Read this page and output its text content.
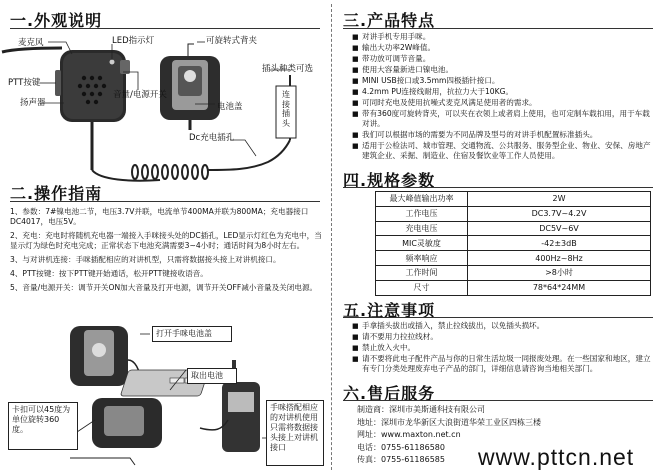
一.外观说明
麦克风	LED指示灯	可旋转式背夹
PTT按键
扬声器
音量/电源开关
电池盖
Dc充电插孔
插头种类可选
连接插头
二.操作指南

1、参数：7#镍电池二节，电压3.7V并联，电流单节400MA并联为800MA；充电器接口DC4017，电压5V。

2、充电：充电时将随机充电器一端接入手咪接头处的DC插孔，LED显示灯红色为充电中，当显示灯为绿色时充电完成；正常状态下电池充满需要3~4小时；通话时间为8小时左右。

3、与对讲机连接：手咪插配相应的对讲机型，只需将数据接头接上对讲机接口。

4、PTT按键：按下PTT键开始通话，松开PTT键接收语音。

5、音量/电源开关：调节开关ON加大音量及打开电源，调节开关OFF减小音量及关闭电源。

打开手咪电池盖
取出电池
卡扣可以45度为单位旋转360度。
手咪搭配相应的对讲机使用只需将数据接头接上对讲机接口
三.产品特点
■ 对讲手机专用手咪。
■ 输出大功率2W峰值。
■ 带功放可调节音量。
■ 使用大容量新进口镍电池。
■ MINI USB接口或3.5mm四极插针接口。
■ 4.2mm PU连接线耐用，抗拉力大于10KG。
■ 可同时充电及使用抗噪式麦克风满足使用者的需求。
■ 带有360度可旋转背夹，可以夹在衣领上或者肩上使用，也可定制车载扣用，用于车载对讲。
■ 我们可以根据市场的需要为不同品牌及型号的对讲手机配置标准插头。
■ 适用于公检法司、城市管理、交通物流、公共服务、服务型企业、物业、安保、房地产建筑企业、采掘、制造业、住宿及餐饮业等工作人员使用。
四.规格参数
最大峰值输出功率	2W
工作电压	DC3.7V~4.2V
充电电压	DC5V~6V
MIC灵敏度	-42±3dB
频率响应	400Hz~8Hz
工作时间	>8小时
尺寸	78*64*24MM
五.注意事项
■ 手拿插头拔出或插入，禁止拉线拔出，以免插头损坏。
■ 请不要用力拉拉线材。
■ 禁止放入火中。
■ 请不要将此电子配件产品与你的日常生活垃圾一同报废处理。在一些国家和地区，建立有专门分类处理废弃电子产品的部门，详细信息请咨询当地相关部门。
六.售后服务
制造商：深圳市美斯通科技有限公司
地址：深圳市龙华新区大浪街道华荣工业区四栋三楼
网址：www.maxton.net.cn
电话：0755-61186580
传真：0755-61186585	www.pttcn.net
